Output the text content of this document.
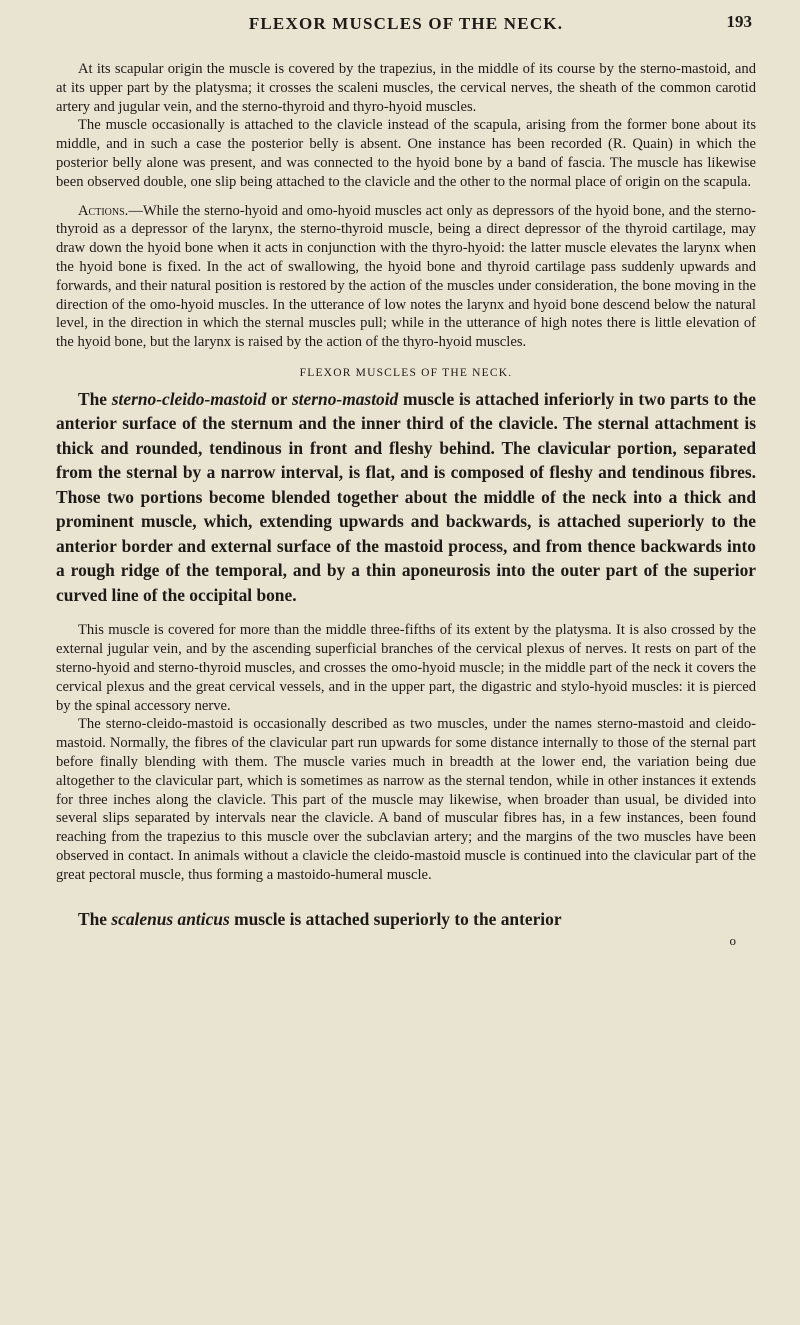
FLEXOR MUSCLES OF THE NECK.	193

At its scapular origin the muscle is covered by the trapezius, in the middle of its course by the sterno-mastoid, and at its upper part by the platysma; it crosses the scaleni muscles, the cervical nerves, the sheath of the common carotid artery and jugular vein, and the sterno-thyroid and thyro-hyoid muscles.

The muscle occasionally is attached to the clavicle instead of the scapula, arising from the former bone about its middle, and in such a case the posterior belly is absent. One instance has been recorded (R. Quain) in which the posterior belly alone was present, and was connected to the hyoid bone by a band of fascia. The muscle has likewise been observed double, one slip being attached to the clavicle and the other to the normal place of origin on the scapula.

Actions.—While the sterno-hyoid and omo-hyoid muscles act only as depressors of the hyoid bone, and the sterno-thyroid as a depressor of the larynx, the sterno-thyroid muscle, being a direct depressor of the thyroid cartilage, may draw down the hyoid bone when it acts in conjunction with the thyro-hyoid: the latter muscle elevates the larynx when the hyoid bone is fixed. In the act of swallowing, the hyoid bone and thyroid cartilage pass suddenly upwards and forwards, and their natural position is restored by the action of the muscles under consideration, the bone moving in the direction of the omo-hyoid muscles. In the utterance of low notes the larynx and hyoid bone descend below the natural level, in the direction in which the sternal muscles pull; while in the utterance of high notes there is little elevation of the hyoid bone, but the larynx is raised by the action of the thyro-hyoid muscles.

FLEXOR MUSCLES OF THE NECK.

The sterno-cleido-mastoid or sterno-mastoid muscle is attached inferiorly in two parts to the anterior surface of the sternum and the inner third of the clavicle. The sternal attachment is thick and rounded, tendinous in front and fleshy behind. The clavicular portion, separated from the sternal by a narrow interval, is flat, and is composed of fleshy and tendinous fibres. Those two portions become blended together about the middle of the neck into a thick and prominent muscle, which, extending upwards and backwards, is attached superiorly to the anterior border and external surface of the mastoid process, and from thence backwards into a rough ridge of the temporal, and by a thin aponeurosis into the outer part of the superior curved line of the occipital bone.

This muscle is covered for more than the middle three-fifths of its extent by the platysma. It is also crossed by the external jugular vein, and by the ascending superficial branches of the cervical plexus of nerves. It rests on part of the sterno-hyoid and sterno-thyroid muscles, and crosses the omo-hyoid muscle; in the middle part of the neck it covers the cervical plexus and the great cervical vessels, and in the upper part, the digastric and stylo-hyoid muscles: it is pierced by the spinal accessory nerve.

The sterno-cleido-mastoid is occasionally described as two muscles, under the names sterno-mastoid and cleido-mastoid. Normally, the fibres of the clavicular part run upwards for some distance internally to those of the sternal part before finally blending with them. The muscle varies much in breadth at the lower end, the variation being due altogether to the clavicular part, which is sometimes as narrow as the sternal tendon, while in other instances it extends for three inches along the clavicle. This part of the muscle may likewise, when broader than usual, be divided into several slips separated by intervals near the clavicle. A band of muscular fibres has, in a few instances, been found reaching from the trapezius to this muscle over the subclavian artery; and the margins of the two muscles have been observed in contact. In animals without a clavicle the cleido-mastoid muscle is continued into the clavicular part of the great pectoral muscle, thus forming a mastoido-humeral muscle.

The scalenus anticus muscle is attached superiorly to the anterior

o
